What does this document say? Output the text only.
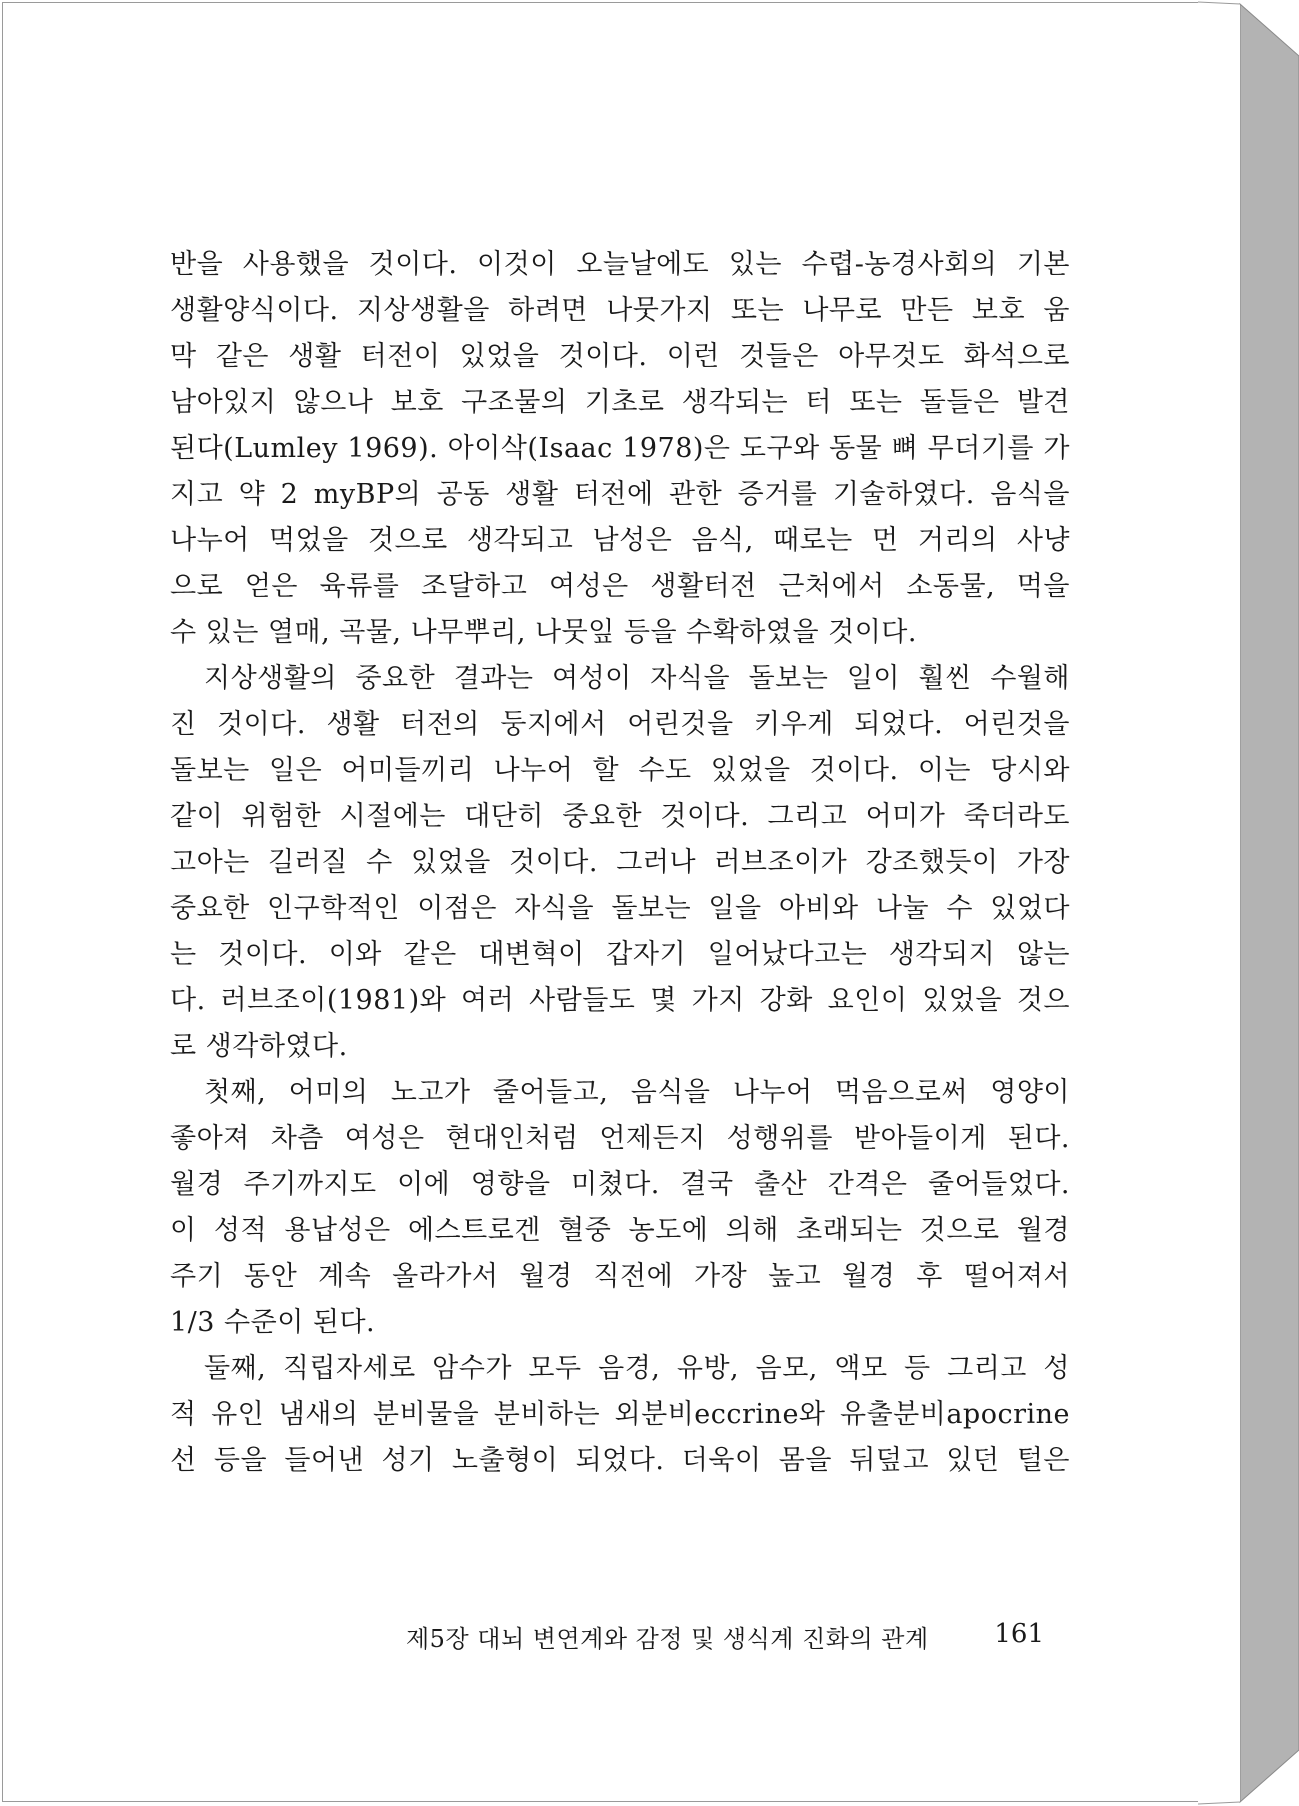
반을 사용했을 것이다. 이것이 오늘날에도 있는 수렵-농경사회의 기본
생활양식이다. 지상생활을 하려면 나뭇가지 또는 나무로 만든 보호 움
막 같은 생활 터전이 있었을 것이다. 이런 것들은 아무것도 화석으로
남아있지 않으나 보호 구조물의 기초로 생각되는 터 또는 돌들은 발견
된다(Lumley 1969). 아이삭(Isaac 1978)은 도구와 동물 뼈 무더기를 가
지고 약 2 myBP의 공동 생활 터전에 관한 증거를 기술하였다. 음식을
나누어 먹었을 것으로 생각되고 남성은 음식, 때로는 먼 거리의 사냥
으로 얻은 육류를 조달하고 여성은 생활터전 근처에서 소동물, 먹을
수 있는 열매, 곡물, 나무뿌리, 나뭇잎 등을 수확하였을 것이다.
지상생활의 중요한 결과는 여성이 자식을 돌보는 일이 훨씬 수월해
진 것이다. 생활 터전의 둥지에서 어린것을 키우게 되었다. 어린것을
돌보는 일은 어미들끼리 나누어 할 수도 있었을 것이다. 이는 당시와
같이 위험한 시절에는 대단히 중요한 것이다. 그리고 어미가 죽더라도
고아는 길러질 수 있었을 것이다. 그러나 러브조이가 강조했듯이 가장
중요한 인구학적인 이점은 자식을 돌보는 일을 아비와 나눌 수 있었다
는 것이다. 이와 같은 대변혁이 갑자기 일어났다고는 생각되지 않는
다. 러브조이(1981)와 여러 사람들도 몇 가지 강화 요인이 있었을 것으
로 생각하였다.
첫째, 어미의 노고가 줄어들고, 음식을 나누어 먹음으로써 영양이
좋아져 차츰 여성은 현대인처럼 언제든지 성행위를 받아들이게 된다.
월경 주기까지도 이에 영향을 미쳤다. 결국 출산 간격은 줄어들었다.
이 성적 용납성은 에스트로겐 혈중 농도에 의해 초래되는 것으로 월경
주기 동안 계속 올라가서 월경 직전에 가장 높고 월경 후 떨어져서
1/3 수준이 된다.
둘째, 직립자세로 암수가 모두 음경, 유방, 음모, 액모 등 그리고 성
적 유인 냄새의 분비물을 분비하는 외분비eccrine와 유출분비apocrine
선 등을 들어낸 성기 노출형이 되었다. 더욱이 몸을 뒤덮고 있던 털은
제5장 대뇌 변연계와 감정 및 생식계 진화의 관계	161
